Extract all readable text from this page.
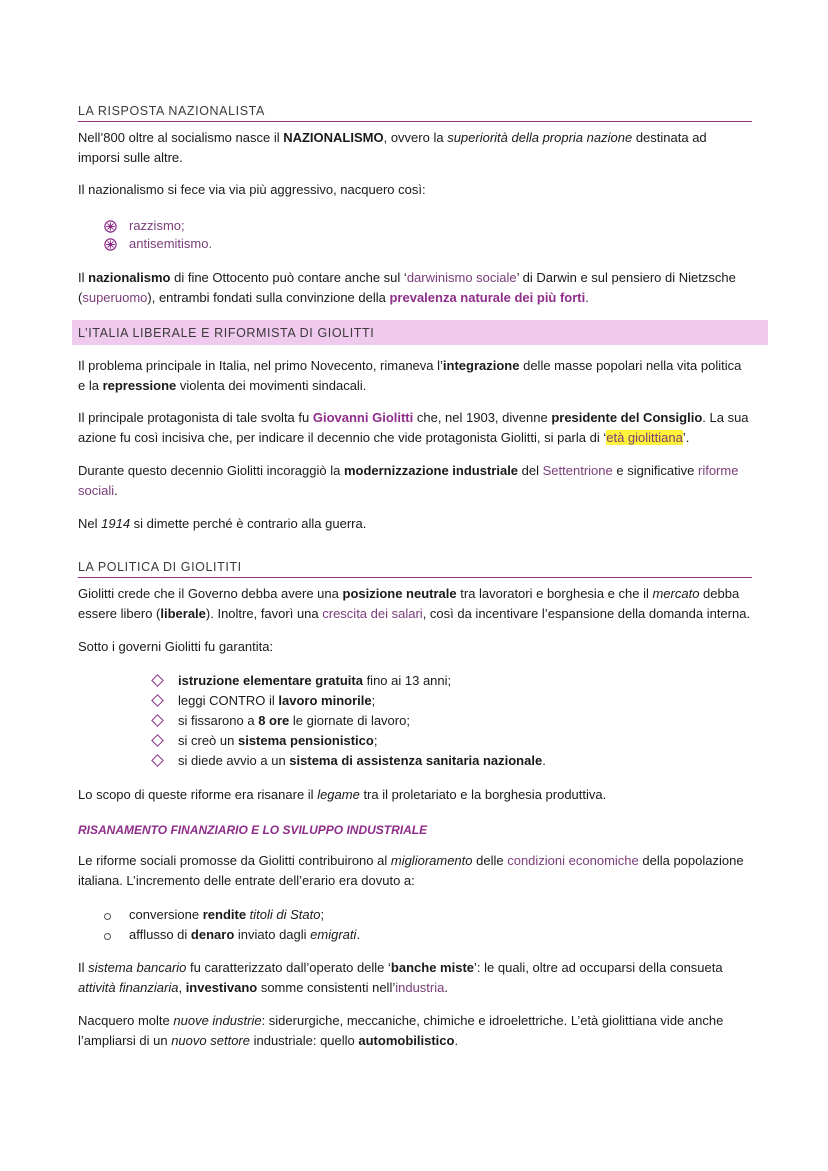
LA RISPOSTA NAZIONALISTA

Nell’800 oltre al socialismo nasce il NAZIONALISMO, ovvero la superiorità della propria nazione destinata ad imporsi sulle altre.

Il nazionalismo si fece via via più aggressivo, nacquero così:

razzismo;
antisemitismo.

Il nazionalismo di fine Ottocento può contare anche sul ‘darwinismo sociale’ di Darwin e sul pensiero di Nietzsche (superuomo), entrambi fondati sulla convinzione della prevalenza naturale dei più forti.

L’ITALIA LIBERALE E RIFORMISTA DI GIOLITTI

Il problema principale in Italia, nel primo Novecento, rimaneva l’integrazione delle masse popolari nella vita politica e la repressione violenta dei movimenti sindacali.

Il principale protagonista di tale svolta fu Giovanni Giolitti che, nel 1903, divenne presidente del Consiglio. La sua azione fu così incisiva che, per indicare il decennio che vide protagonista Giolitti, si parla di ‘età giolittiana’.

Durante questo decennio Giolitti incoraggiò la modernizzazione industriale del Settentrione e significative riforme sociali.

Nel 1914 si dimette perché è contrario alla guerra.

LA POLITICA DI GIOLITITI

Giolitti crede che il Governo debba avere una posizione neutrale tra lavoratori e borghesia e che il mercato debba essere libero (liberale). Inoltre, favorì una crescita dei salari, così da incentivare l’espansione della domanda interna.

Sotto i governi Giolitti fu garantita:

istruzione elementare gratuita fino ai 13 anni;
leggi CONTRO il lavoro minorile;
si fissarono a 8 ore le giornate di lavoro;
si creò un sistema pensionistico;
si diede avvio a un sistema di assistenza sanitaria nazionale.

Lo scopo di queste riforme era risanare il legame tra il proletariato e la borghesia produttiva.

RISANAMENTO FINANZIARIO E LO SVILUPPO INDUSTRIALE

Le riforme sociali promosse da Giolitti contribuirono al miglioramento delle condizioni economiche della popolazione italiana. L’incremento delle entrate dell’erario era dovuto a:

conversione rendite titoli di Stato;
afflusso di denaro inviato dagli emigrati.

Il sistema bancario fu caratterizzato dall’operato delle ‘banche miste’: le quali, oltre ad occuparsi della consueta attività finanziaria, investivano somme consistenti nell’industria.

Nacquero molte nuove industrie: siderurgiche, meccaniche, chimiche e idroelettriche. L’età giolittiana vide anche l’ampliarsi di un nuovo settore industriale: quello automobilistico.
